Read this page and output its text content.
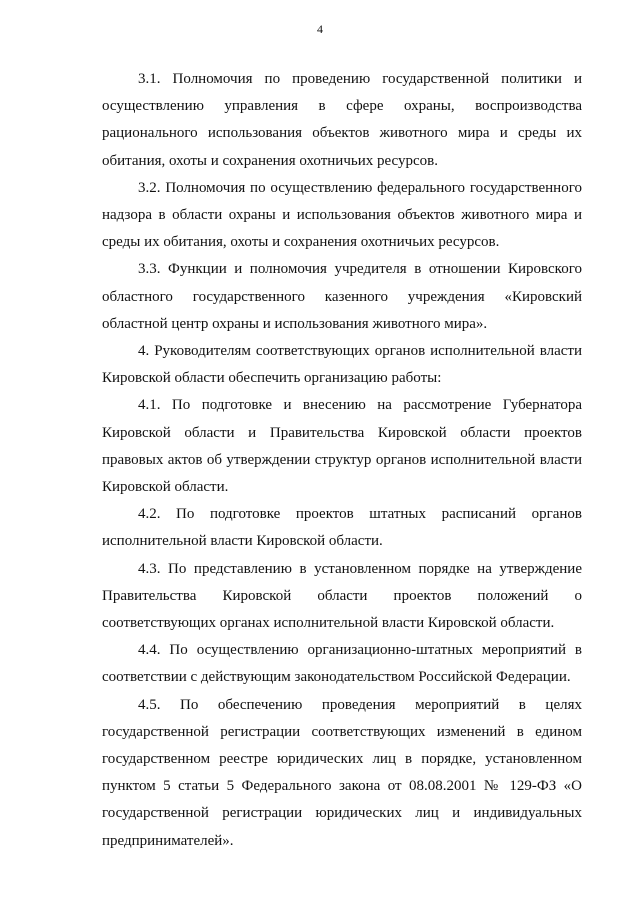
4

3.1. Полномочия по проведению государственной политики и осуществлению управления в сфере охраны, воспроизводства рационального использования объектов животного мира и среды их обитания, охоты и сохранения охотничьих ресурсов.

3.2. Полномочия по осуществлению федерального государственного надзора в области охраны и использования объектов животного мира и среды их обитания, охоты и сохранения охотничьих ресурсов.

3.3. Функции и полномочия учредителя в отношении Кировского областного государственного казенного учреждения «Кировский областной центр охраны и использования животного мира».

4. Руководителям соответствующих органов исполнительной власти Кировской области обеспечить организацию работы:

4.1. По подготовке и внесению на рассмотрение Губернатора Кировской области и Правительства Кировской области проектов правовых актов об утверждении структур органов исполнительной власти Кировской области.

4.2. По подготовке проектов штатных расписаний органов исполнительной власти Кировской области.

4.3. По представлению в установленном порядке на утверждение Правительства Кировской области проектов положений о соответствующих органах исполнительной власти Кировской области.

4.4. По осуществлению организационно-штатных мероприятий в соответствии с действующим законодательством Российской Федерации.

4.5. По обеспечению проведения мероприятий в целях государственной регистрации соответствующих изменений в едином государственном реестре юридических лиц в порядке, установленном пунктом 5 статьи 5 Федерального закона от 08.08.2001 № 129-ФЗ «О государственной регистрации юридических лиц и индивидуальных предпринимателей».
